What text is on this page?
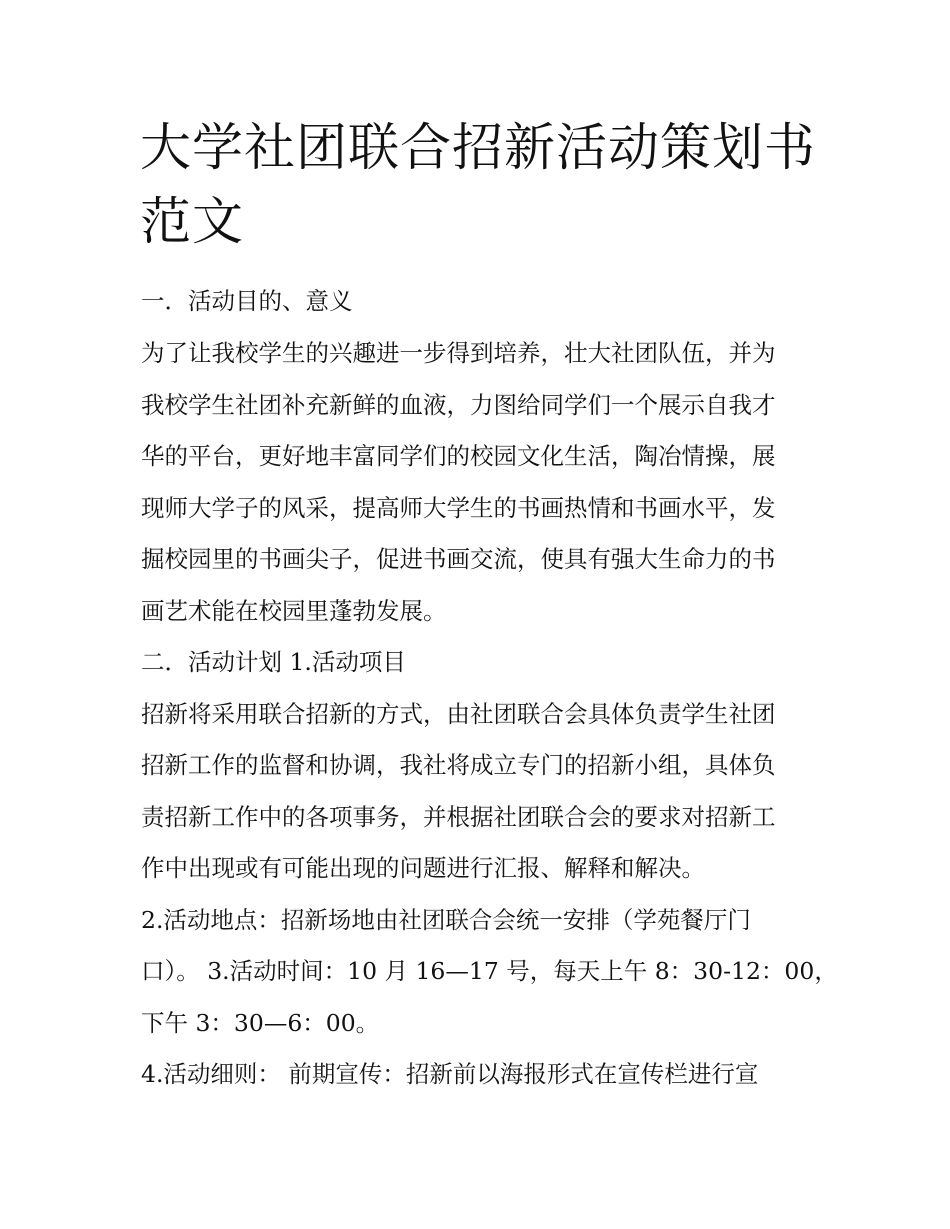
大学社团联合招新活动策划书范文

一．活动目的、意义

为了让我校学生的兴趣进一步得到培养，壮大社团队伍，并为

我校学生社团补充新鲜的血液，力图给同学们一个展示自我才

华的平台，更好地丰富同学们的校园文化生活，陶冶情操，展

现师大学子的风采，提高师大学生的书画热情和书画水平，发

掘校园里的书画尖子，促进书画交流，使具有强大生命力的书

画艺术能在校园里蓬勃发展。

二．活动计划 1.活动项目

招新将采用联合招新的方式，由社团联合会具体负责学生社团

招新工作的监督和协调，我社将成立专门的招新小组，具体负

责招新工作中的各项事务，并根据社团联合会的要求对招新工

作中出现或有可能出现的问题进行汇报、解释和解决。

2.活动地点：招新场地由社团联合会统一安排（学苑餐厅门

口）。 3.活动时间：10 月 16—17 号，每天上午 8：30-12：00，

下午 3：30—6：00。

4.活动细则： 前期宣传：招新前以海报形式在宣传栏进行宣
